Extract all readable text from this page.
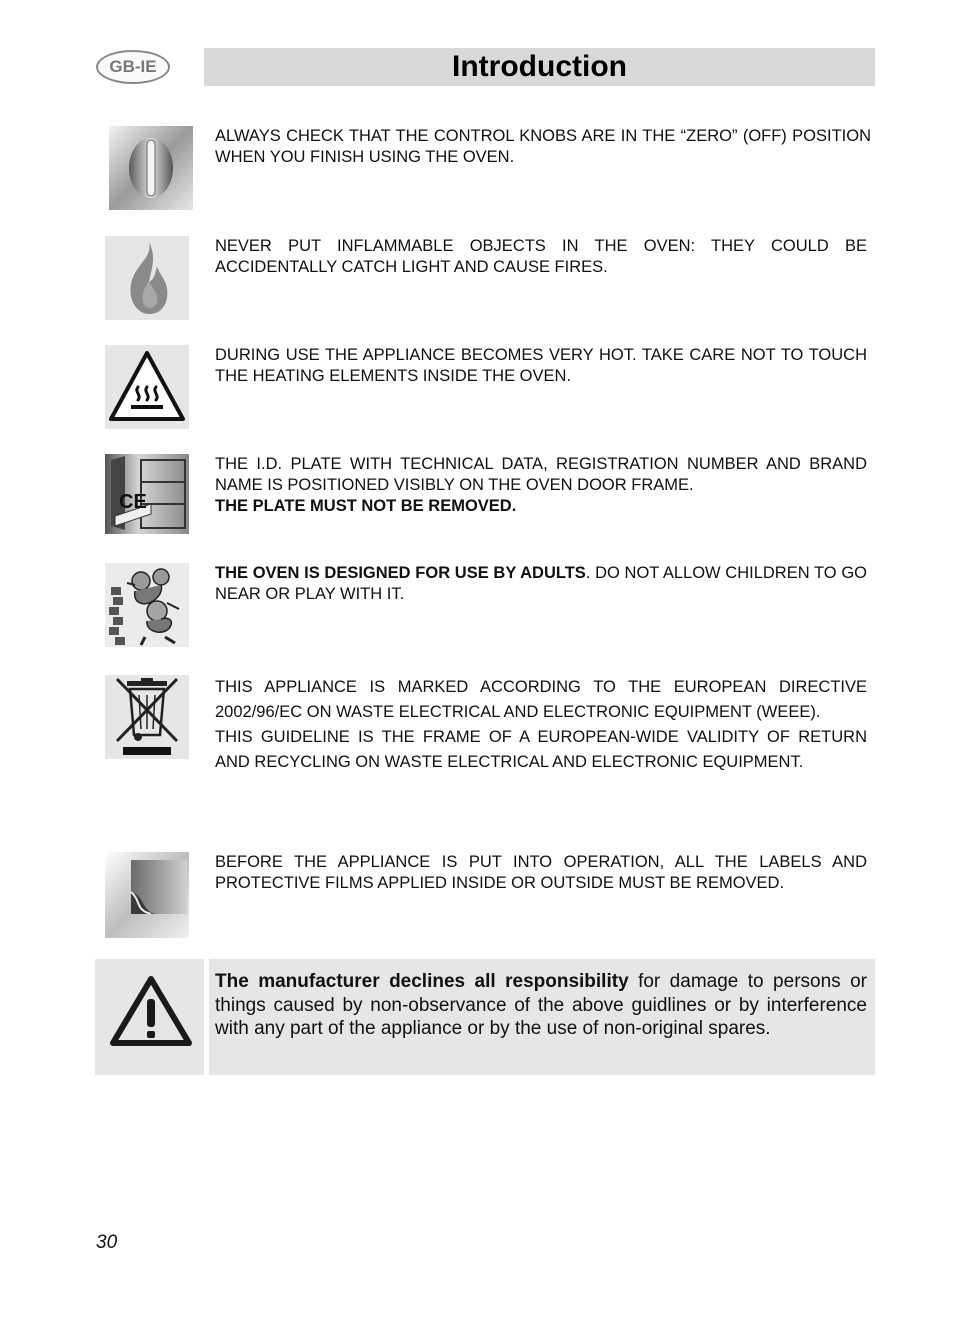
GB-IE	Introduction

ALWAYS CHECK THAT THE CONTROL KNOBS ARE IN THE “ZERO” (OFF) POSITION WHEN YOU FINISH USING THE OVEN.

NEVER PUT INFLAMMABLE OBJECTS IN THE OVEN: THEY COULD BE ACCIDENTALLY CATCH LIGHT AND CAUSE FIRES.

DURING USE THE APPLIANCE BECOMES VERY HOT. TAKE CARE NOT TO TOUCH THE HEATING ELEMENTS INSIDE THE OVEN.

CE

THE I.D. PLATE WITH TECHNICAL DATA, REGISTRATION NUMBER AND BRAND NAME IS POSITIONED VISIBLY ON THE OVEN DOOR FRAME.

THE PLATE MUST NOT BE REMOVED.

THE OVEN IS DESIGNED FOR USE BY ADULTS. DO NOT ALLOW CHILDREN TO GO NEAR OR PLAY WITH IT.

THIS APPLIANCE IS MARKED ACCORDING TO THE EUROPEAN DIRECTIVE 2002/96/EC ON WASTE ELECTRICAL AND ELECTRONIC EQUIPMENT (WEEE).

THIS GUIDELINE IS THE FRAME OF A EUROPEAN-WIDE VALIDITY OF RETURN AND RECYCLING ON WASTE ELECTRICAL AND ELECTRONIC EQUIPMENT.

BEFORE THE APPLIANCE IS PUT INTO OPERATION, ALL THE LABELS AND PROTECTIVE FILMS APPLIED INSIDE OR OUTSIDE MUST BE REMOVED.

The manufacturer declines all responsibility for damage to persons or things caused by non-observance of the above guidlines or by interference with any part of the appliance or by the use of non-original spares.
30
